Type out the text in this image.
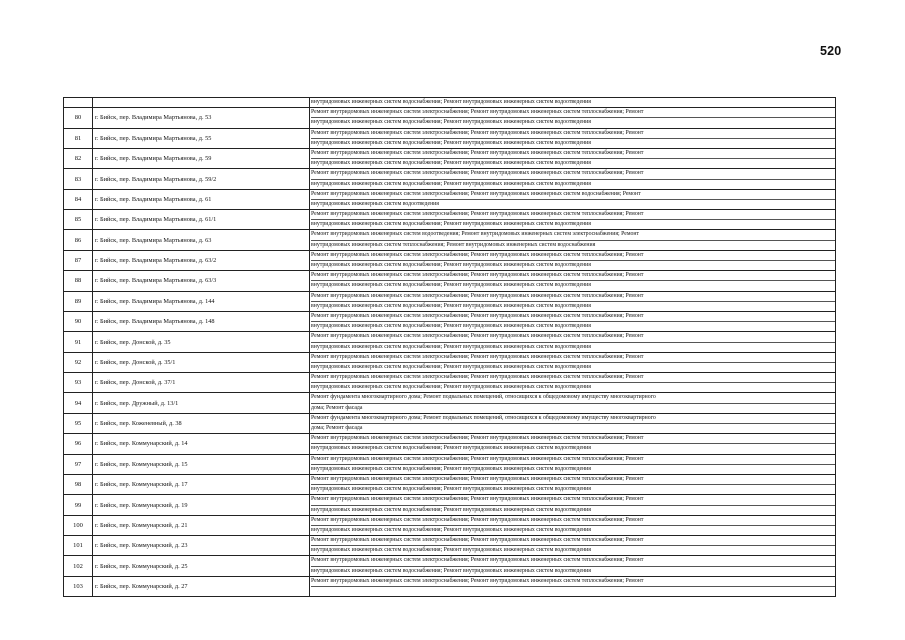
520

		внутридомовых инженерных систем водоснабжения; Ремонт внутридомовых инженерных систем водоотведения

80	г. Бийск, пер. Владимира Мартьянова, д. 53	Ремонт внутридомовых инженерных систем электроснабжения; Ремонт внутридомовых инженерных систем теплоснабжения; Ремонт
внутридомовых инженерных систем водоснабжения; Ремонт внутридомовых инженерных систем водоотведения

81	г. Бийск, пер. Владимира Мартьянова, д. 55	Ремонт внутридомовых инженерных систем электроснабжения; Ремонт внутридомовых инженерных систем теплоснабжения; Ремонт
внутридомовых инженерных систем водоснабжения; Ремонт внутридомовых инженерных систем водоотведения

82	г. Бийск, пер. Владимира Мартьянова, д. 59	Ремонт внутридомовых инженерных систем электроснабжения; Ремонт внутридомовых инженерных систем теплоснабжения; Ремонт
внутридомовых инженерных систем водоснабжения; Ремонт внутридомовых инженерных систем водоотведения

83	г. Бийск, пер. Владимира Мартьянова, д. 59/2	Ремонт внутридомовых инженерных систем электроснабжения; Ремонт внутридомовых инженерных систем теплоснабжения; Ремонт
внутридомовых инженерных систем водоснабжения; Ремонт внутридомовых инженерных систем водоотведения

84	г. Бийск, пер. Владимира Мартьянова, д. 61	Ремонт внутридомовых инженерных систем электроснабжения; Ремонт внутридомовых инженерных систем водоснабжения; Ремонт
внутридомовых инженерных систем водоотведения

85	г. Бийск, пер. Владимира Мартьянова, д. 61/1	Ремонт внутридомовых инженерных систем электроснабжения; Ремонт внутридомовых инженерных систем теплоснабжения; Ремонт
внутридомовых инженерных систем водоснабжения; Ремонт внутридомовых инженерных систем водоотведения

86	г. Бийск, пер. Владимира Мартьянова, д. 63	Ремонт внутридомовых инженерных систем водоотведения; Ремонт внутридомовых инженерных систем электроснабжения; Ремонт
внутридомовых инженерных систем теплоснабжения; Ремонт внутридомовых инженерных систем водоснабжения

87	г. Бийск, пер. Владимира Мартьянова, д. 63/2	Ремонт внутридомовых инженерных систем электроснабжения; Ремонт внутридомовых инженерных систем теплоснабжения; Ремонт
внутридомовых инженерных систем водоснабжения; Ремонт внутридомовых инженерных систем водоотведения

88	г. Бийск, пер. Владимира Мартьянова, д. 63/3	Ремонт внутридомовых инженерных систем электроснабжения; Ремонт внутридомовых инженерных систем теплоснабжения; Ремонт
внутридомовых инженерных систем водоснабжения; Ремонт внутридомовых инженерных систем водоотведения

89	г. Бийск, пер. Владимира Мартьянова, д. 144	Ремонт внутридомовых инженерных систем электроснабжения; Ремонт внутридомовых инженерных систем теплоснабжения; Ремонт
внутридомовых инженерных систем водоснабжения; Ремонт внутридомовых инженерных систем водоотведения

90	г. Бийск, пер. Владимира Мартьянова, д. 148	Ремонт внутридомовых инженерных систем электроснабжения; Ремонт внутридомовых инженерных систем теплоснабжения; Ремонт
внутридомовых инженерных систем водоснабжения; Ремонт внутридомовых инженерных систем водоотведения

91	г. Бийск, пер. Донской, д. 35	Ремонт внутридомовых инженерных систем электроснабжения; Ремонт внутридомовых инженерных систем теплоснабжения; Ремонт
внутридомовых инженерных систем водоснабжения; Ремонт внутридомовых инженерных систем водоотведения

92	г. Бийск, пер. Донской, д. 35/1	Ремонт внутридомовых инженерных систем электроснабжения; Ремонт внутридомовых инженерных систем теплоснабжения; Ремонт
внутридомовых инженерных систем водоснабжения; Ремонт внутридомовых инженерных систем водоотведения

93	г. Бийск, пер. Донской, д. 37/1	Ремонт внутридомовых инженерных систем электроснабжения; Ремонт внутридомовых инженерных систем теплоснабжения; Ремонт
внутридомовых инженерных систем водоснабжения; Ремонт внутридомовых инженерных систем водоотведения

94	г. Бийск, пер. Дружный, д. 13/1	Ремонт фундамента многоквартирного дома; Ремонт подвальных помещений, относящихся к общедомовому имуществу многоквартирного
дома; Ремонт фасада

95	г. Бийск, пер. Коженевный, д. 38	Ремонт фундамента многоквартирного дома; Ремонт подвальных помещений, относящихся к общедомовому имуществу многоквартирного
дома; Ремонт фасада

96	г. Бийск, пер. Коммунарский, д. 14	Ремонт внутридомовых инженерных систем электроснабжения; Ремонт внутридомовых инженерных систем теплоснабжения; Ремонт
внутридомовых инженерных систем водоснабжения; Ремонт внутридомовых инженерных систем водоотведения

97	г. Бийск, пер. Коммунарский, д. 15	Ремонт внутридомовых инженерных систем электроснабжения; Ремонт внутридомовых инженерных систем теплоснабжения; Ремонт
внутридомовых инженерных систем водоснабжения; Ремонт внутридомовых инженерных систем водоотведения

98	г. Бийск, пер. Коммунарский, д. 17	Ремонт внутридомовых инженерных систем электроснабжения; Ремонт внутридомовых инженерных систем теплоснабжения; Ремонт
внутридомовых инженерных систем водоснабжения; Ремонт внутридомовых инженерных систем водоотведения

99	г. Бийск, пер. Коммунарский, д. 19	Ремонт внутридомовых инженерных систем электроснабжения; Ремонт внутридомовых инженерных систем теплоснабжения; Ремонт
внутридомовых инженерных систем водоснабжения; Ремонт внутридомовых инженерных систем водоотведения

100	г. Бийск, пер. Коммунарский, д. 21	Ремонт внутридомовых инженерных систем электроснабжения; Ремонт внутридомовых инженерных систем теплоснабжения; Ремонт
внутридомовых инженерных систем водоснабжения; Ремонт внутридомовых инженерных систем водоотведения

101	г. Бийск, пер. Коммунарский, д. 23	Ремонт внутридомовых инженерных систем электроснабжения; Ремонт внутридомовых инженерных систем теплоснабжения; Ремонт
внутридомовых инженерных систем водоснабжения; Ремонт внутридомовых инженерных систем водоотведения

102	г. Бийск, пер. Коммунарский, д. 25	Ремонт внутридомовых инженерных систем электроснабжения; Ремонт внутридомовых инженерных систем теплоснабжения; Ремонт
внутридомовых инженерных систем водоснабжения; Ремонт внутридомовых инженерных систем водоотведения

103	г. Бийск, пер. Коммунарский, д. 27	Ремонт внутридомовых инженерных систем электроснабжения; Ремонт внутридомовых инженерных систем теплоснабжения; Ремонт
